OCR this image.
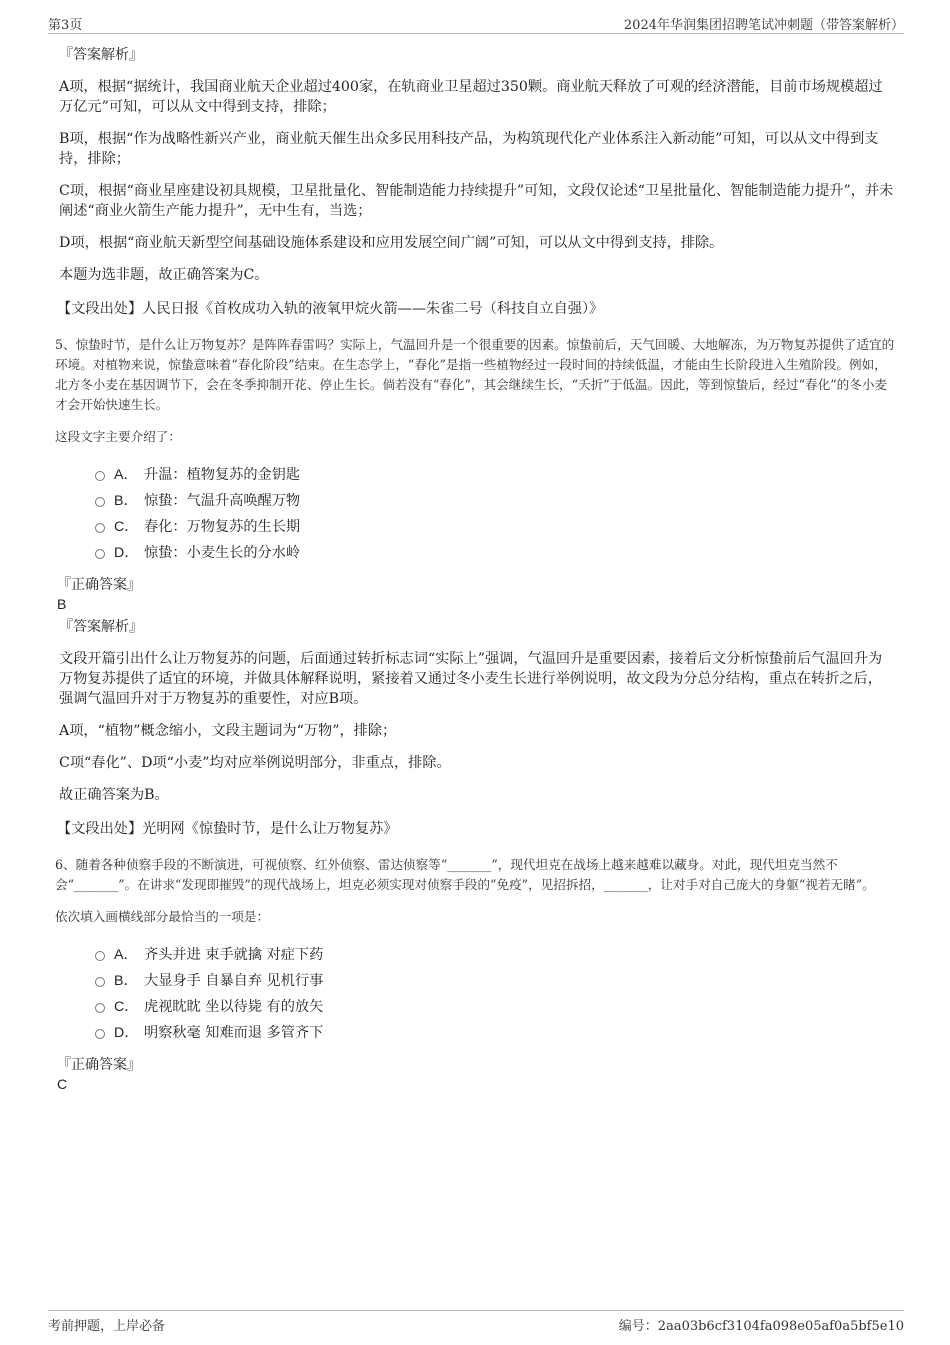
第3页	2024年华润集团招聘笔试冲刺题（带答案解析）
『答案解析』
A项，根据“据统计，我国商业航天企业超过400家，在轨商业卫星超过350颗。商业航天释放了可观的经济潜能，目前市场规模超过万亿元”可知，可以从文中得到支持，排除；
B项，根据“作为战略性新兴产业，商业航天催生出众多民用科技产品，为构筑现代化产业体系注入新动能”可知，可以从文中得到支持，排除；
C项，根据“商业星座建设初具规模，卫星批量化、智能制造能力持续提升”可知，文段仅论述“卫星批量化、智能制造能力提升”，并未阐述“商业火箭生产能力提升”，无中生有，当选；
D项，根据“商业航天新型空间基础设施体系建设和应用发展空间广阔”可知，可以从文中得到支持，排除。
本题为选非题，故正确答案为C。
【文段出处】人民日报《首枚成功入轨的液氧甲烷火箭——朱雀二号（科技自立自强）》
5、惊蛰时节，是什么让万物复苏？是阵阵春雷吗？实际上，气温回升是一个很重要的因素。惊蛰前后，天气回暖、大地解冻，为万物复苏提供了适宜的环境。对植物来说，惊蛰意味着“春化阶段”结束。在生态学上，“春化”是指一些植物经过一段时间的持续低温，才能由生长阶段进入生殖阶段。例如，北方冬小麦在基因调节下，会在冬季抑制开花、停止生长。倘若没有“春化”，其会继续生长，“夭折”于低温。因此，等到惊蛰后，经过“春化”的冬小麦才会开始快速生长。
这段文字主要介绍了：
A． 升温：植物复苏的金钥匙
B． 惊蛰：气温升高唤醒万物
C． 春化：万物复苏的生长期
D． 惊蛰：小麦生长的分水岭
『正确答案』
B
『答案解析』
文段开篇引出什么让万物复苏的问题，后面通过转折标志词“实际上”强调，气温回升是重要因素，接着后文分析惊蛰前后气温回升为万物复苏提供了适宜的环境，并做具体解释说明，紧接着又通过冬小麦生长进行举例说明，故文段为分总分结构，重点在转折之后，强调气温回升对于万物复苏的重要性，对应B项。
A项，“植物”概念缩小，文段主题词为“万物”，排除；
C项“春化”、D项“小麦”均对应举例说明部分，非重点，排除。
故正确答案为B。
【文段出处】光明网《惊蛰时节，是什么让万物复苏》
6、随着各种侦察手段的不断演进，可视侦察、红外侦察、雷达侦察等“_______”，现代坦克在战场上越来越难以藏身。对此，现代坦克当然不会“_______”。在讲求“发现即摧毁”的现代战场上，坦克必须实现对侦察手段的“免疫”，见招拆招，_______，让对手对自己庞大的身躯“视若无睹”。
依次填入画横线部分最恰当的一项是：
A． 齐头并进 束手就擒 对症下药
B． 大显身手 自暴自弃 见机行事
C． 虎视眈眈 坐以待毙 有的放矢
D． 明察秋毫 知难而退 多管齐下
『正确答案』
C
考前押题，上岸必备	编号：2aa03b6cf3104fa098e05af0a5bf5e10
